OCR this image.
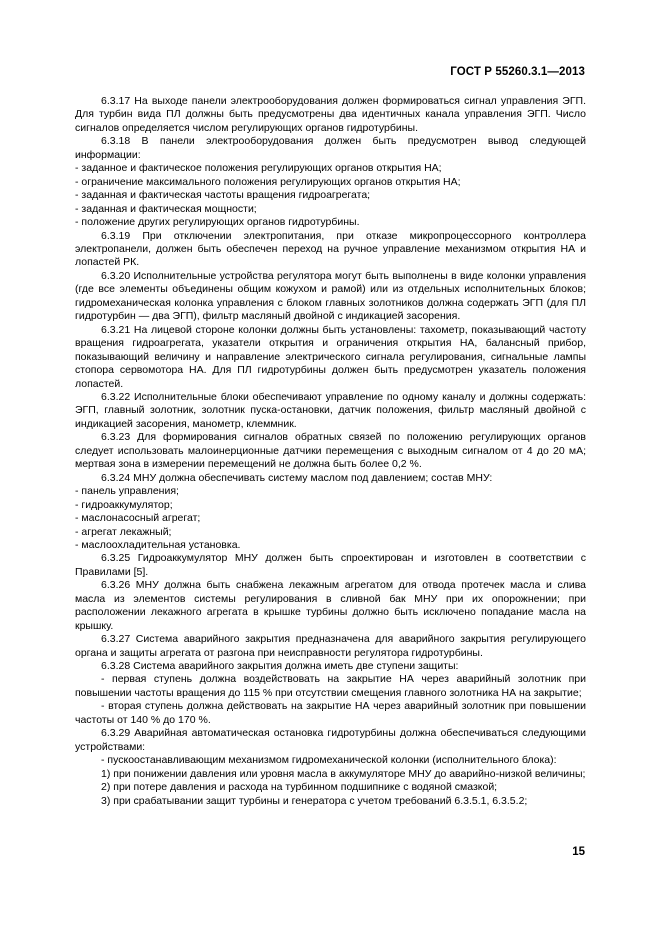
ГОСТ Р 55260.3.1—2013

6.3.17 На выходе панели электрооборудования должен формироваться сигнал управления ЭГП. Для турбин вида ПЛ должны быть предусмотрены два идентичных канала управления ЭГП. Число сигналов определяется числом регулирующих органов гидротурбины.

6.3.18 В панели электрооборудования должен быть предусмотрен вывод следующей информации:

- заданное и фактическое положения регулирующих органов открытия НА;

- ограничение максимального положения регулирующих органов открытия НА;

- заданная и фактическая частоты вращения гидроагрегата;

- заданная и фактическая мощности;

- положение других регулирующих органов гидротурбины.

6.3.19 При отключении электропитания, при отказе микропроцессорного контроллера электропанели, должен быть обеспечен переход на ручное управление механизмом открытия НА и лопастей РК.

6.3.20 Исполнительные устройства регулятора могут быть выполнены в виде колонки управления (где все элементы объединены общим кожухом и рамой) или из отдельных исполнительных блоков; гидромеханическая колонка управления с блоком главных золотников должна содержать ЭГП (для ПЛ гидротурбин — два ЭГП), фильтр масляный двойной с индикацией засорения.

6.3.21 На лицевой стороне колонки должны быть установлены: тахометр, показывающий частоту вращения гидроагрегата, указатели открытия и ограничения открытия НА, балансный прибор, показывающий величину и направление электрического сигнала регулирования, сигнальные лампы стопора сервомотора НА. Для ПЛ гидротурбины должен быть предусмотрен указатель положения лопастей.

6.3.22 Исполнительные блоки обеспечивают управление по одному каналу и должны содержать: ЭГП, главный золотник, золотник пуска-остановки, датчик положения, фильтр масляный двойной с индикацией засорения, манометр, клеммник.

6.3.23 Для формирования сигналов обратных связей по положению регулирующих органов следует использовать малоинерционные датчики перемещения с выходным сигналом от 4 до 20 мА; мертвая зона в измерении перемещений не должна быть более 0,2 %.

6.3.24 МНУ должна обеспечивать систему маслом под давлением; состав МНУ:

- панель управления;

- гидроаккумулятор;

- маслонасосный агрегат;

- агрегат лекажный;

- маслоохладительная установка.

6.3.25 Гидроаккумулятор МНУ должен быть спроектирован и изготовлен в соответствии с Правилами [5].

6.3.26 МНУ должна быть снабжена лекажным агрегатом для отвода протечек масла и слива масла из элементов системы регулирования в сливной бак МНУ при их опорожнении; при расположении лекажного агрегата в крышке турбины должно быть исключено попадание масла на крышку.

6.3.27 Система аварийного закрытия предназначена для аварийного закрытия регулирующего органа и защиты агрегата от разгона при неисправности регулятора гидротурбины.

6.3.28 Система аварийного закрытия должна иметь две ступени защиты:

- первая ступень должна воздействовать на закрытие НА через аварийный золотник при повышении частоты вращения до 115 % при отсутствии смещения главного золотника НА на закрытие;

- вторая ступень должна действовать на закрытие НА через аварийный золотник при повышении частоты от 140 % до 170 %.

6.3.29 Аварийная автоматическая остановка гидротурбины должна обеспечиваться следующими устройствами:

- пускоостанавливающим механизмом гидромеханической колонки (исполнительного блока):

1) при понижении давления или уровня масла в аккумуляторе МНУ до аварийно-низкой величины;

2) при потере давления и расхода на турбинном подшипнике с водяной смазкой;

3) при срабатывании защит турбины и генератора с учетом требований 6.3.5.1, 6.3.5.2;

15
